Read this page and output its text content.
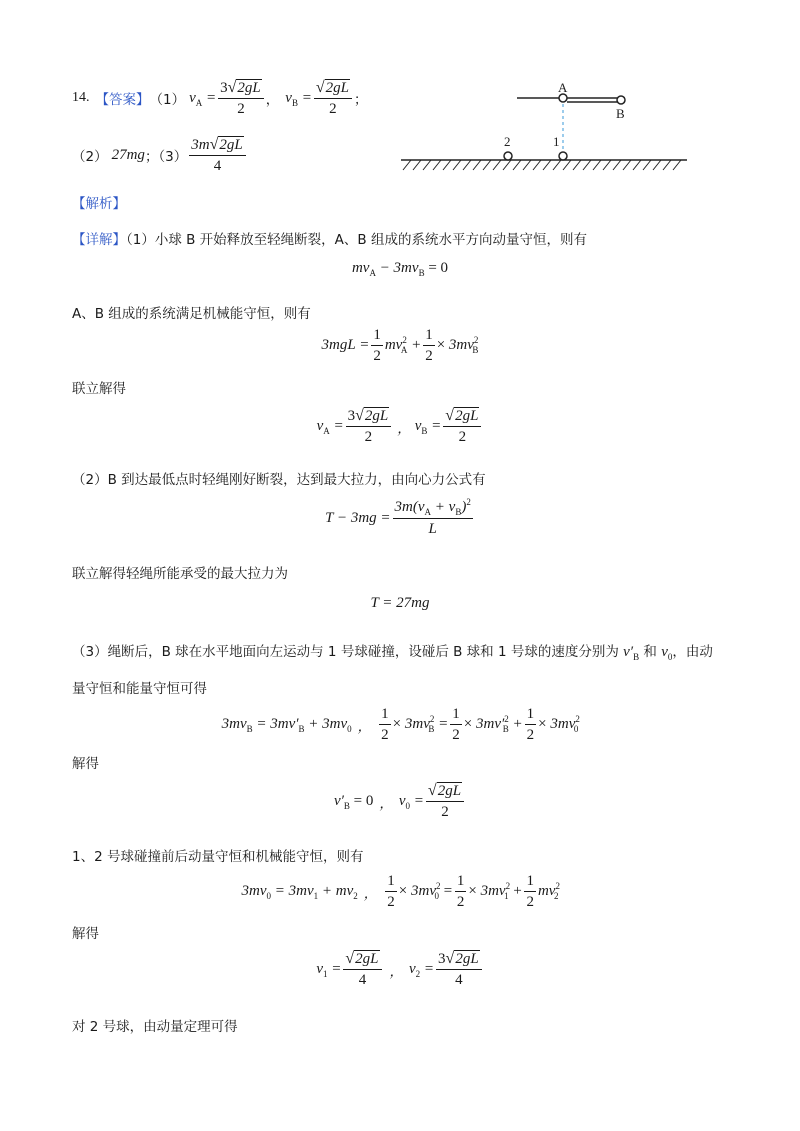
14. 【答案】 （1） $v_A = \frac{3√2gL}{2}$ ， $v_B = \frac{√2gL}{2}$ ；
（2） 27mg ；$(3) \frac{3m√2gL}{4}$
A
B
1
2
【解析】
【详解】（1）小球 B 开始释放至轻绳断裂，A、B 组成的系统水平方向动量守恒，则有
$mv_A - 3mv_B = 0$
A、B 组成的系统满足机械能守恒，则有
$3mgL = \frac{1}{2} mv^2_A + \frac{1}{2} \times 3mv^2_B$
联立解得
$v_A = \frac{3√2gL}{2}$ ， $v_B = \frac{√2gL}{2}$
（2）B 到达最低点时轻绳刚好断裂，达到最大拉力，由向心力公式有
$T - 3mg = \frac{3m(v_A + v_B)^2}{L}$
联立解得轻绳所能承受的最大拉力为
T = 27mg
（3）绳断后，B 球在水平地面向左运动与 1 号球碰撞，设碰后 B 球和 1 号球的速度分别为 $v'_B$ 和 $v_0$，由动
量守恒和能量守恒可得
$3mv_B = 3mv'_B + 3mv_0$ ， $\frac{1}{2} \times 3mv^2_B = \frac{1}{2} \times 3mv'^2_B + \frac{1}{2} \times 3mv^2_0$
解得
$v'_B = 0$ ， $v_0 = \frac{√2gL}{2}$
1、2 号球碰撞前后动量守恒和机械能守恒，则有
$3mv_0 = 3mv_1 + mv_2$ ， $\frac{1}{2} \times 3mv^2_0 = \frac{1}{2} \times 3mv^2_1 + \frac{1}{2} mv^2_2$
解得
$v_1 = \frac{√2gL}{4}$ ， $v_2 = \frac{3√2gL}{4}$
对 2 号球，由动量定理可得
